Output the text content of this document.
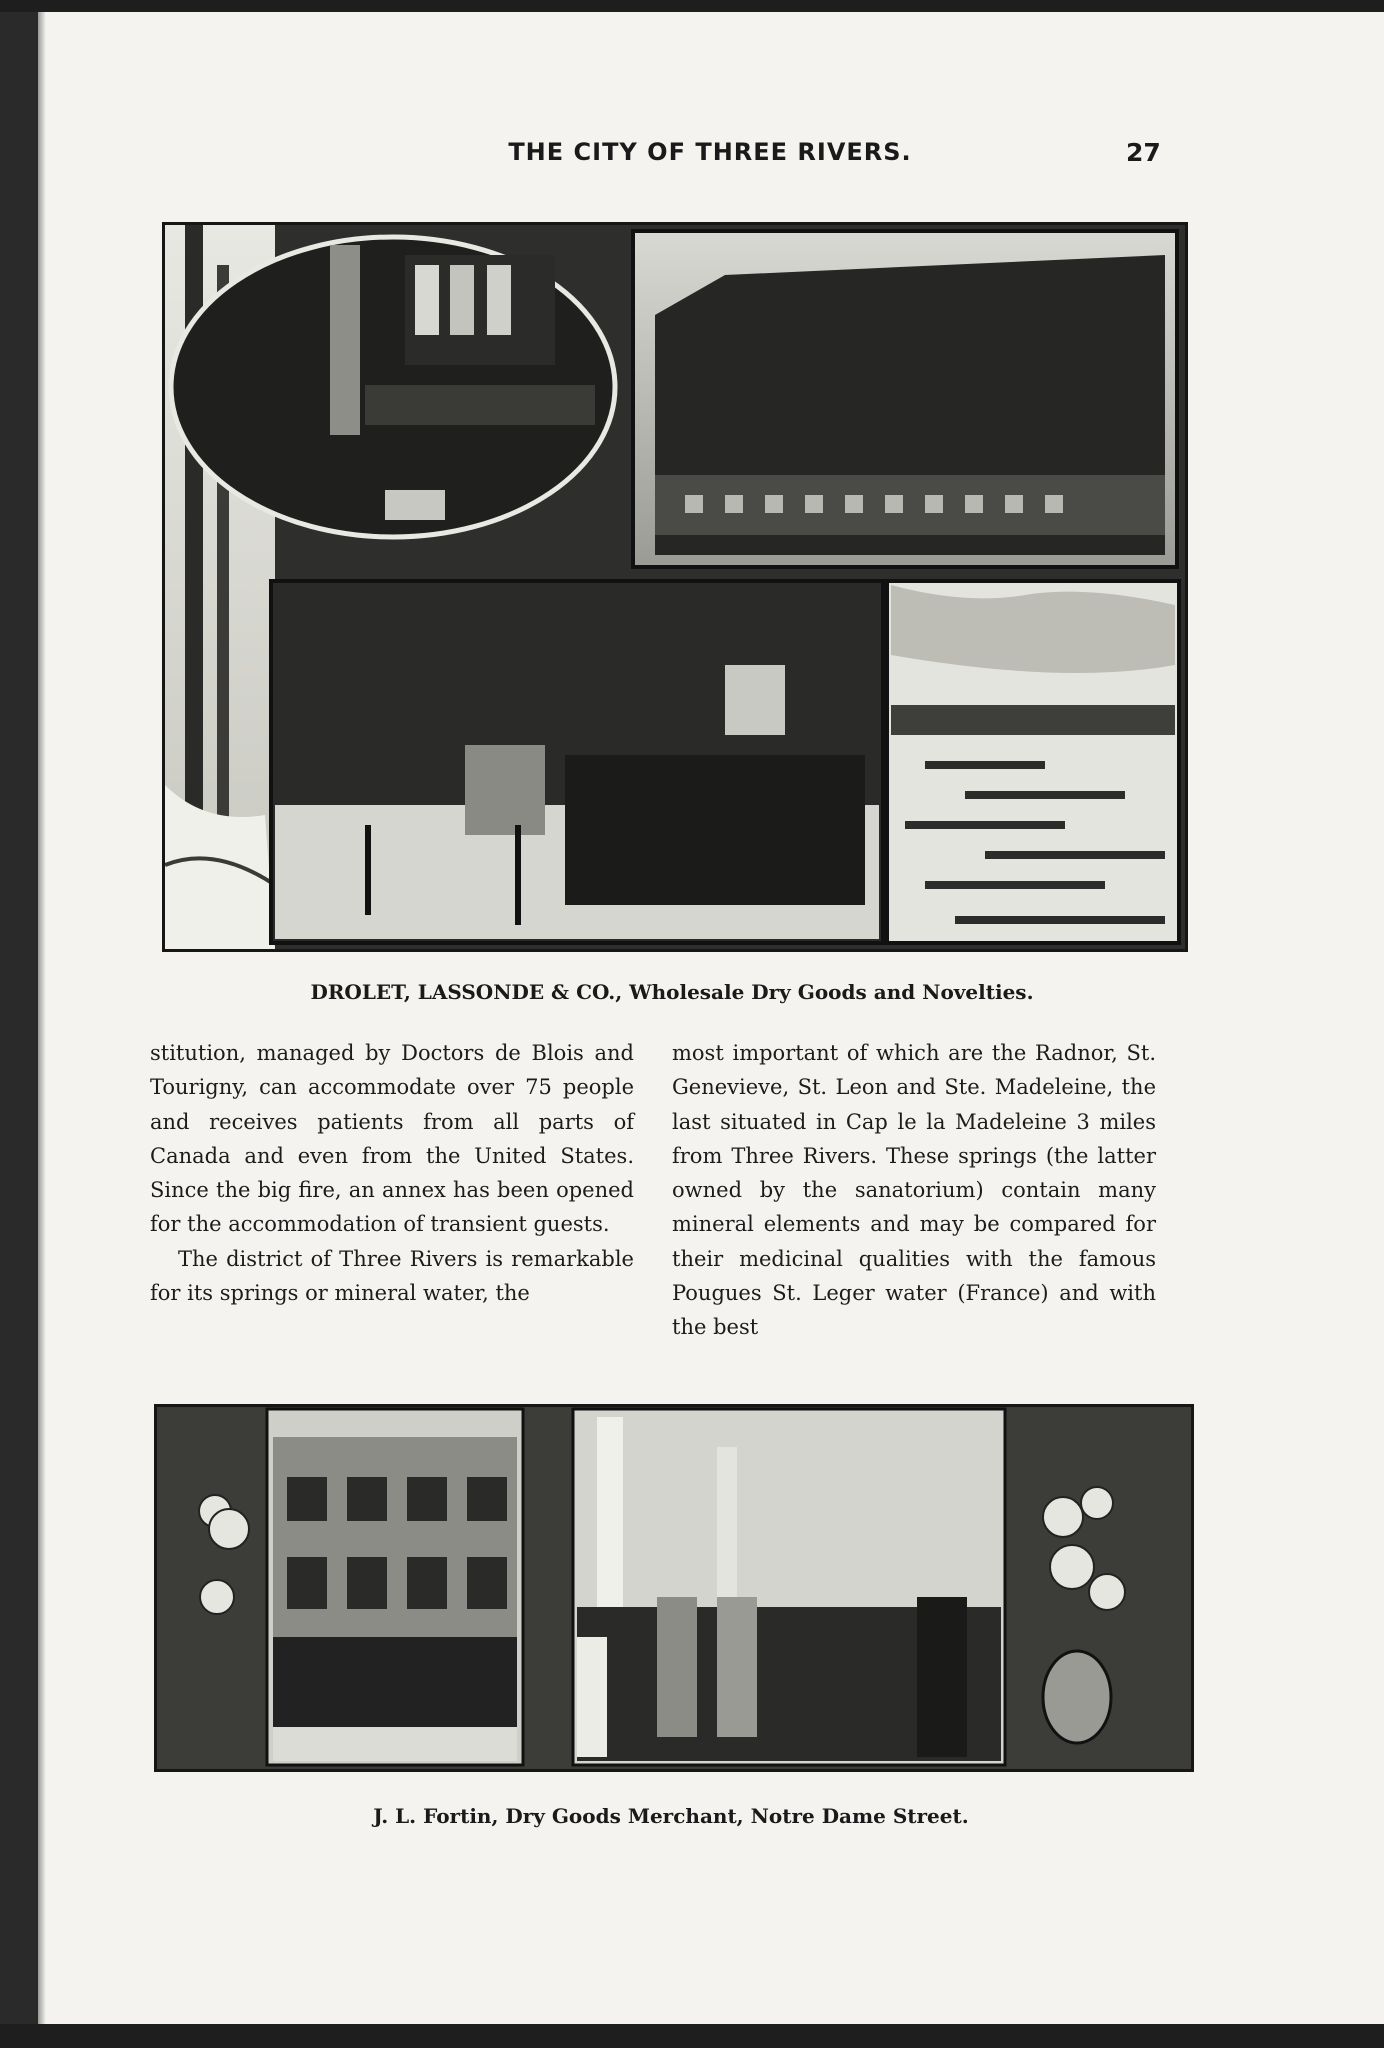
THE CITY OF THREE RIVERS.	27
DROLET, LASSONDE & CO., Wholesale Dry Goods and Novelties.

stitution, managed by Doctors de Blois and Tourigny, can accommodate over 75 people and receives patients from all parts of Canada and even from the United States. Since the big fire, an annex has been opened for the accommodation of transient guests.

The district of Three Rivers is remarkable for its springs or mineral water, the

most important of which are the Radnor, St. Genevieve, St. Leon and Ste. Madeleine, the last situated in Cap le la Madeleine 3 miles from Three Rivers. These springs (the latter owned by the sanatorium) contain many mineral elements and may be compared for their medicinal qualities with the famous Pougues St. Leger water (France) and with the best

J. L. Fortin, Dry Goods Merchant, Notre Dame Street.
